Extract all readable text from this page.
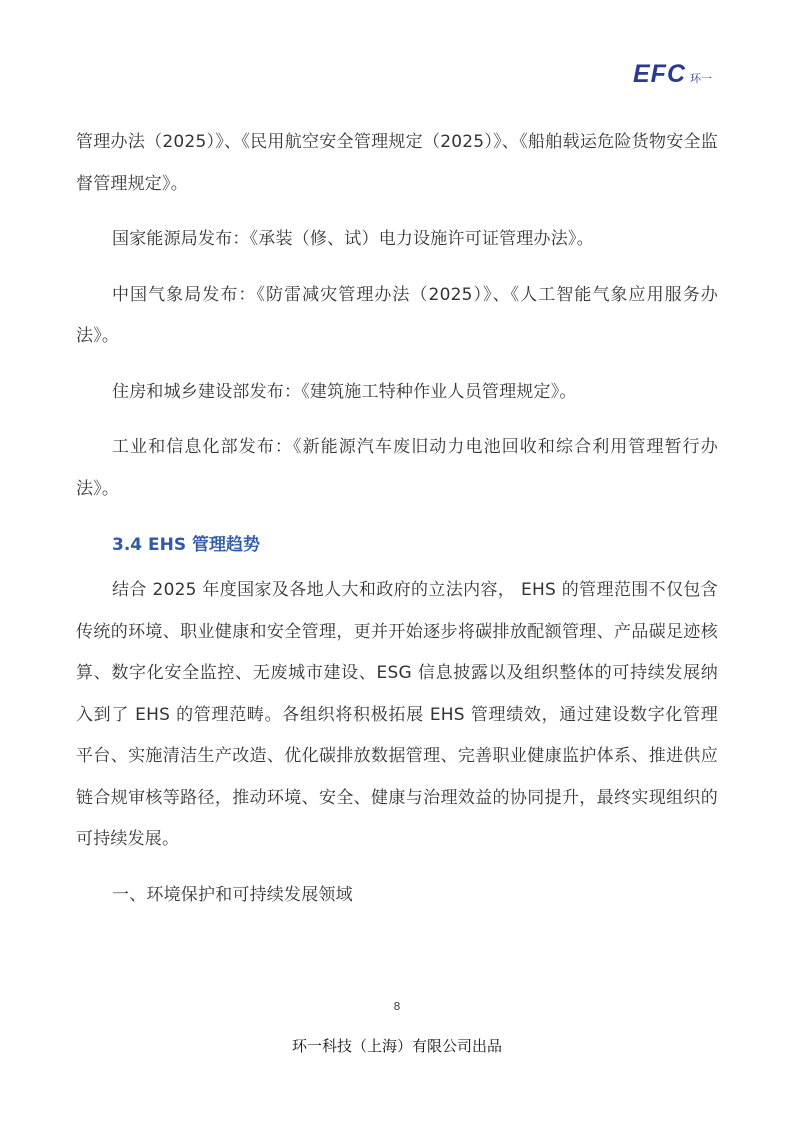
EFC 环一

管理办法（2025）》、《民用航空安全管理规定（2025）》、《船舶载运危险货物安全监督管理规定》。

国家能源局发布：《承装（修、试）电力设施许可证管理办法》。

中国气象局发布：《防雷减灾管理办法（2025）》、《人工智能气象应用服务办法》。

住房和城乡建设部发布：《建筑施工特种作业人员管理规定》。

工业和信息化部发布：《新能源汽车废旧动力电池回收和综合利用管理暂行办法》。

3.4 EHS 管理趋势

结合 2025 年度国家及各地人大和政府的立法内容， EHS 的管理范围不仅包含传统的环境、职业健康和安全管理，更并开始逐步将碳排放配额管理、产品碳足迹核算、数字化安全监控、无废城市建设、ESG 信息披露以及组织整体的可持续发展纳入到了 EHS 的管理范畴。各组织将积极拓展 EHS 管理绩效，通过建设数字化管理平台、实施清洁生产改造、优化碳排放数据管理、完善职业健康监护体系、推进供应链合规审核等路径，推动环境、安全、健康与治理效益的协同提升，最终实现组织的可持续发展。

一、环境保护和可持续发展领域

8
环一科技（上海）有限公司出品
